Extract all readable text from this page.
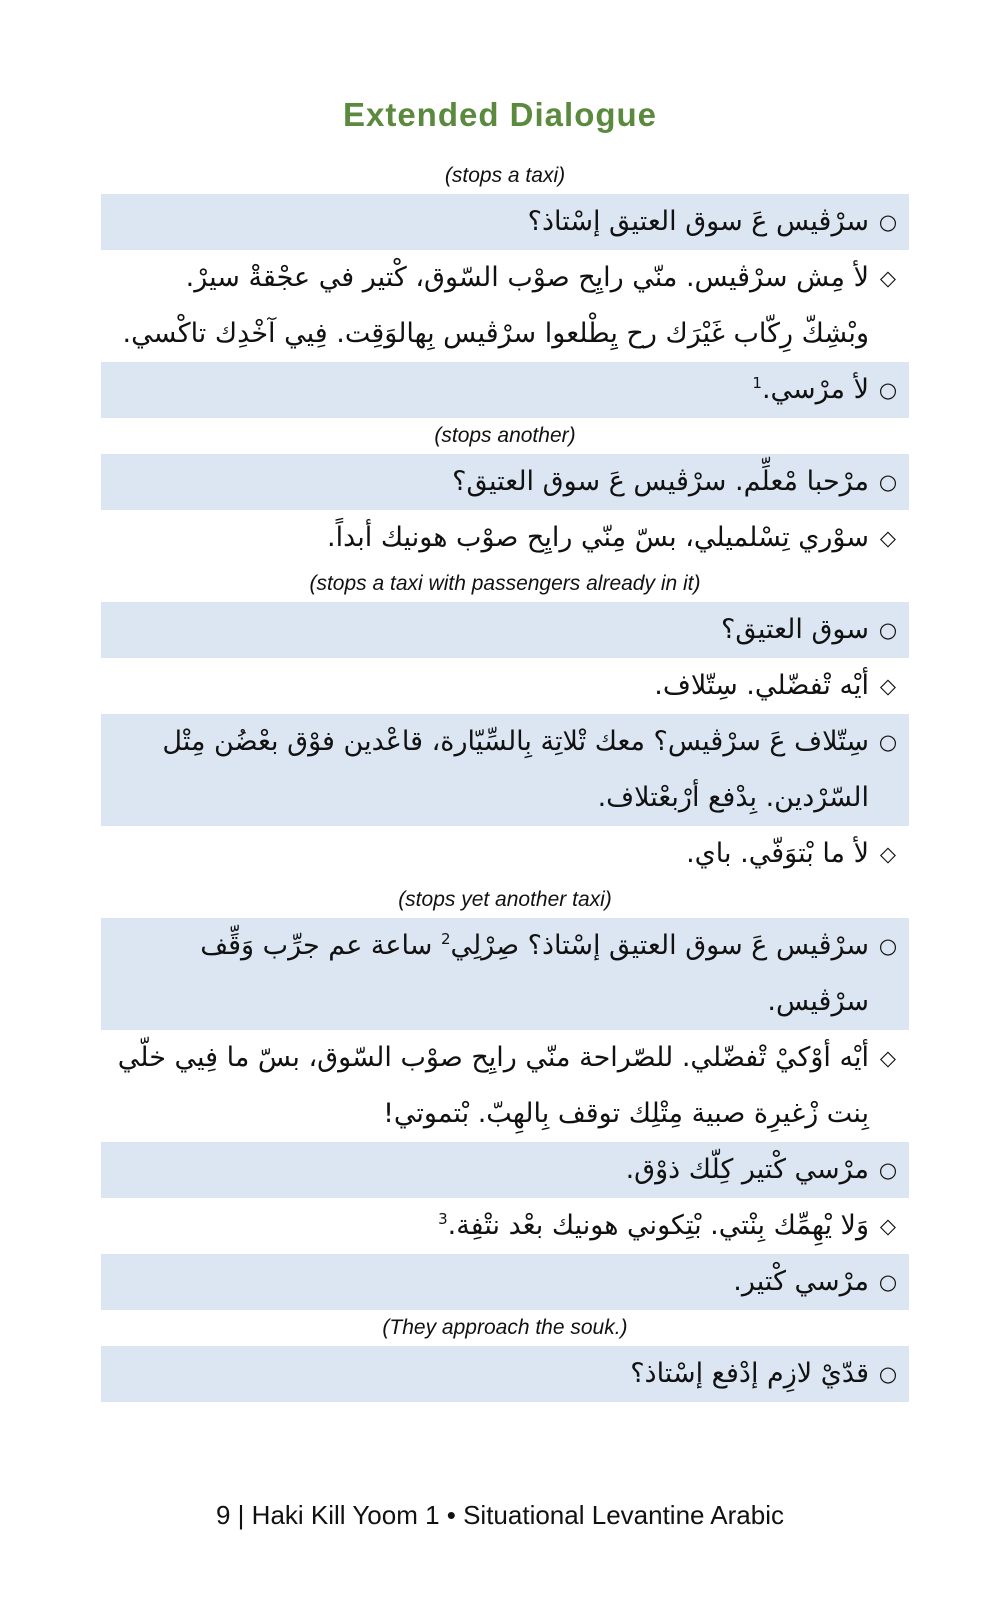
Extended Dialogue
(stops a taxi)
○
سرْڤيس عَ سوق العتيق إسْتاذ؟
◇
لأ مِش سرْڤيس. منّي رايِح صوْب السّوق، كْتير في عجْقةْ سيرْ. وبْشِكّ رِكّاب غَيْرَك رح يِطْلعوا سرْڤيس بِهالوَقِت. فِيي آخْدِك تاكْسي.
○
لأ مرْسي.$^1$
(stops another)
○
مرْحبا مْعلِّم. سرْڤيس عَ سوق العتيق؟
◇
سوْري تِسْلميلي، بسّ مِنّي رايِح صوْب هونيك أبداً.
(stops a taxi with passengers already in it)
○
سوق العتيق؟
◇
أيْه تْفضّلي. سِتّلاف.
○
سِتّلاف عَ سرْڤيس؟ معك تْلاتِة بِالسِّيّارة، قاعْدين فوْق بعْضُن مِتْل السّرْدين. بِدْفع أرْبعْتلاف.
◇
لأ ما بْتوَفّي. باي.
(stops yet another taxi)
○
سرْڤيس عَ سوق العتيق إسْتاذ؟ صِرْلِي$^2$ ساعة عم جرِّب وَقِّف سرْڤيس.
◇
أيْه أوْكيْ تْفضّلي. للصّراحة منّي رايِح صوْب السّوق، بسّ ما فِيي خلّي بِنت زْغيرِة صبية مِتْلِك توقف بِالهِبّ. بْتموتي!
○
مرْسي كْتير كِلّك ذوْق.
◇
وَلا يْهِمِّك بِنْتي. بْتِكوني هونيك بعْد نتْفِة.$^3$
○
مرْسي كْتير.
(They approach the souk.)
○
قدّيْ لازِم إدْفع إسْتاذ؟
9 | Haki Kill Yoom 1 • Situational Levantine Arabic
